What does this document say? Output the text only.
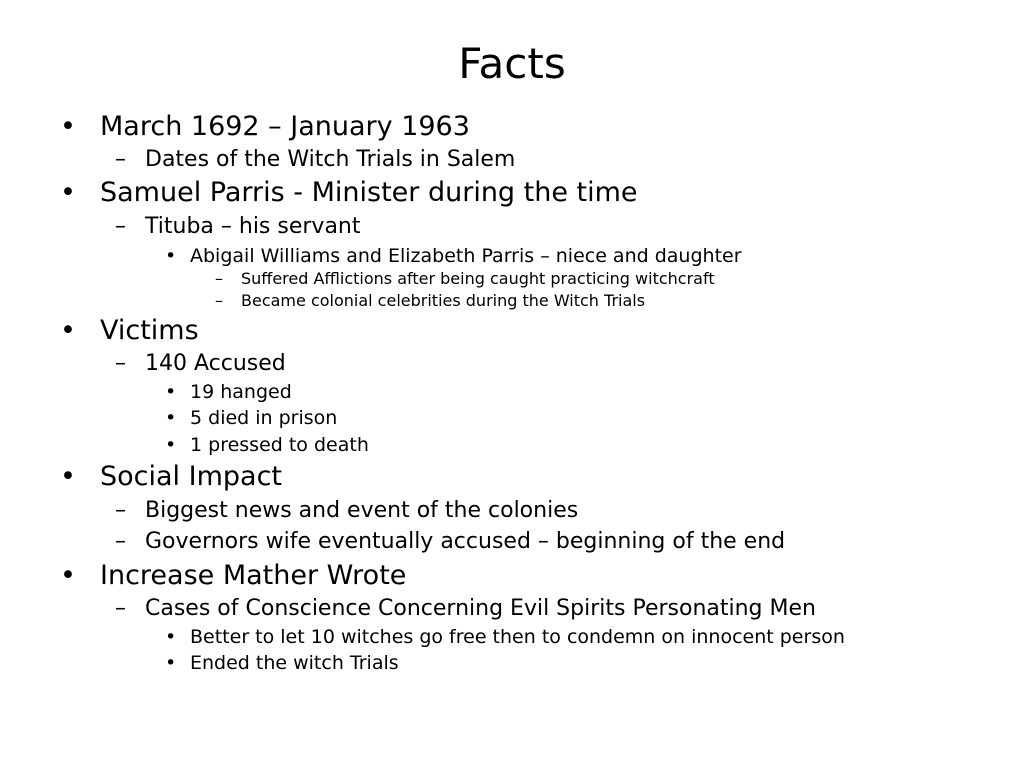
Facts
• March 1692 – January 1963
– Dates of the Witch Trials in Salem
• Samuel Parris - Minister during the time
– Tituba – his servant
• Abigail Williams and Elizabeth Parris – niece and daughter
– Suffered Afflictions after being caught practicing witchcraft
– Became colonial celebrities during the Witch Trials
• Victims
– 140 Accused
• 19 hanged
• 5 died in prison
• 1 pressed to death
• Social Impact
– Biggest news and event of the colonies
– Governors wife eventually accused – beginning of the end
• Increase Mather Wrote
– Cases of Conscience Concerning Evil Spirits Personating Men
• Better to let 10 witches go free then to condemn on innocent person
• Ended the witch Trials
